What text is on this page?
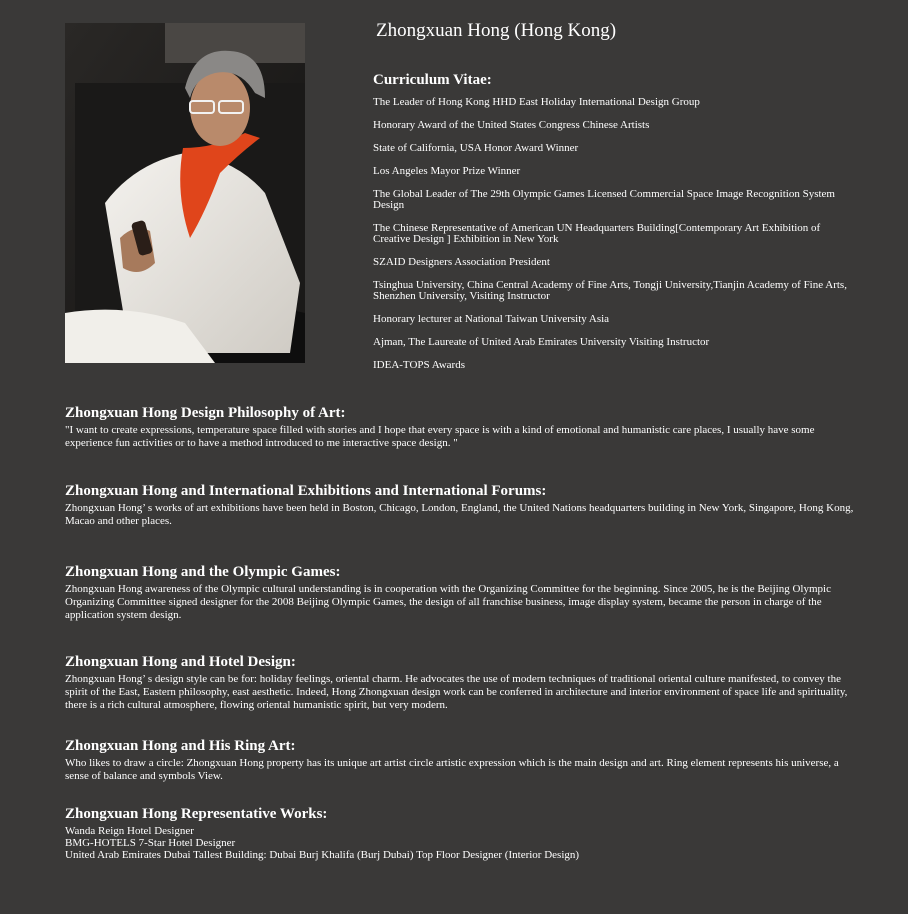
Zhongxuan Hong (Hong Kong)
Curriculum Vitae:
The Leader of Hong Kong HHD East Holiday International Design Group
Honorary Award of the United States Congress Chinese Artists
State of California, USA Honor Award Winner
Los Angeles Mayor Prize Winner
The Global Leader of The 29th Olympic Games Licensed Commercial Space Image Recognition System Design
The Chinese Representative of American UN Headquarters Building[Contemporary Art Exhibition of Creative Design ] Exhibition in New York
SZAID Designers Association President
Tsinghua University, China Central Academy of Fine Arts, Tongji University,Tianjin Academy of Fine Arts, Shenzhen University, Visiting Instructor
Honorary lecturer at National Taiwan University Asia
Ajman, The Laureate of United Arab Emirates University Visiting Instructor
IDEA-TOPS Awards
Zhongxuan Hong Design Philosophy of Art:

"I want to create expressions, temperature space filled with stories and I hope that every space is with a kind of emotional and humanistic care places, I usually have some experience fun activities or to have a method introduced to me interactive space design. "

Zhongxuan Hong and International Exhibitions and International Forums:

Zhongxuan Hong’ s works of art exhibitions have been held in Boston, Chicago, London, England, the United Nations headquarters building in New York, Singapore, Hong Kong, Macao and other places.

Zhongxuan Hong and the Olympic Games:

Zhongxuan Hong awareness of the Olympic cultural understanding is in cooperation with the Organizing Committee for the beginning. Since 2005, he is the Beijing Olympic Organizing Committee signed designer for the 2008 Beijing Olympic Games, the design of all franchise business, image display system, became the person in charge of the application system design.

Zhongxuan Hong and Hotel Design:

Zhongxuan Hong’ s design style can be for: holiday feelings, oriental charm. He advocates the use of modern techniques of traditional oriental culture manifested, to convey the spirit of the East, Eastern philosophy, east aesthetic. Indeed, Hong Zhongxuan design work can be conferred in architecture and interior environment of space life and spirituality, there is a rich cultural atmosphere, flowing oriental humanistic spirit, but very modern.

Zhongxuan Hong and His Ring Art:

Who likes to draw a circle: Zhongxuan Hong property has its unique art artist circle artistic expression which is the main design and art. Ring element represents his universe, a sense of balance and symbols View.

Zhongxuan Hong Representative Works:
Wanda Reign Hotel Designer
BMG-HOTELS 7-Star Hotel Designer
United Arab Emirates Dubai Tallest Building: Dubai Burj Khalifa (Burj Dubai) Top Floor Designer (Interior Design)
